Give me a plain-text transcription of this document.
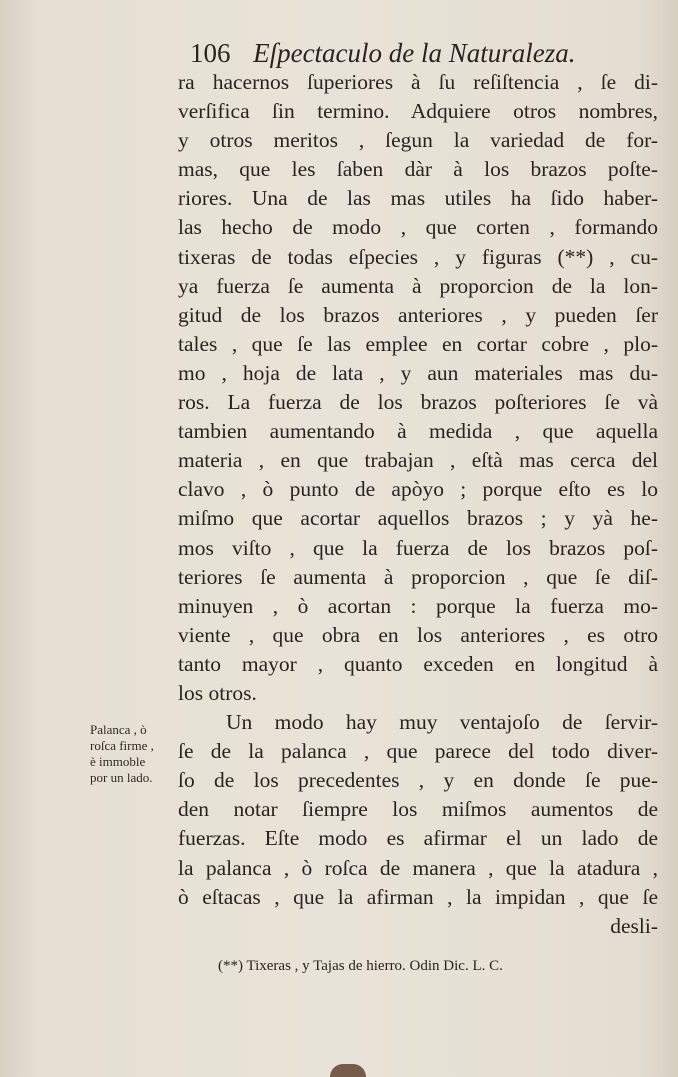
106 Eſpectaculo de la Naturaleza.
ra hacernos ſuperiores à ſu reſiſtencia , ſe di-
verſifica ſin termino. Adquiere otros nombres,
y otros meritos , ſegun la variedad de for-
mas, que les ſaben dàr à los brazos poſte-
riores. Una de las mas utiles ha ſido haber-
las hecho de modo , que corten , formando
tixeras de todas eſpecies , y figuras (**) , cu-
ya fuerza ſe aumenta à proporcion de la lon-
gitud de los brazos anteriores , y pueden ſer
tales , que ſe las emplee en cortar cobre , plo-
mo , hoja de lata , y aun materiales mas du-
ros. La fuerza de los brazos poſteriores ſe và
tambien aumentando à medida , que aquella
materia , en que trabajan , eſtà mas cerca del
clavo , ò punto de apòyo ; porque eſto es lo
miſmo que acortar aquellos brazos ; y yà he-
mos viſto , que la fuerza de los brazos poſ-
teriores ſe aumenta à proporcion , que ſe diſ-
minuyen , ò acortan : porque la fuerza mo-
viente , que obra en los anteriores , es otro
tanto mayor , quanto exceden en longitud à
los otros.
Un modo hay muy ventajoſo de ſervir-
ſe de la palanca , que parece del todo diver-
ſo de los precedentes , y en donde ſe pue-
den notar ſiempre los miſmos aumentos de
fuerzas. Eſte modo es afirmar el un lado de
la palanca , ò roſca de manera , que la atadura ,
ò eſtacas , que la afirman , la impidan , que ſe
desli-
Palanca , ò
roſca firme ,
è immoble
por un lado.
(**) Tixeras , y Tajas de hierro. Odin Dic. L. C.
